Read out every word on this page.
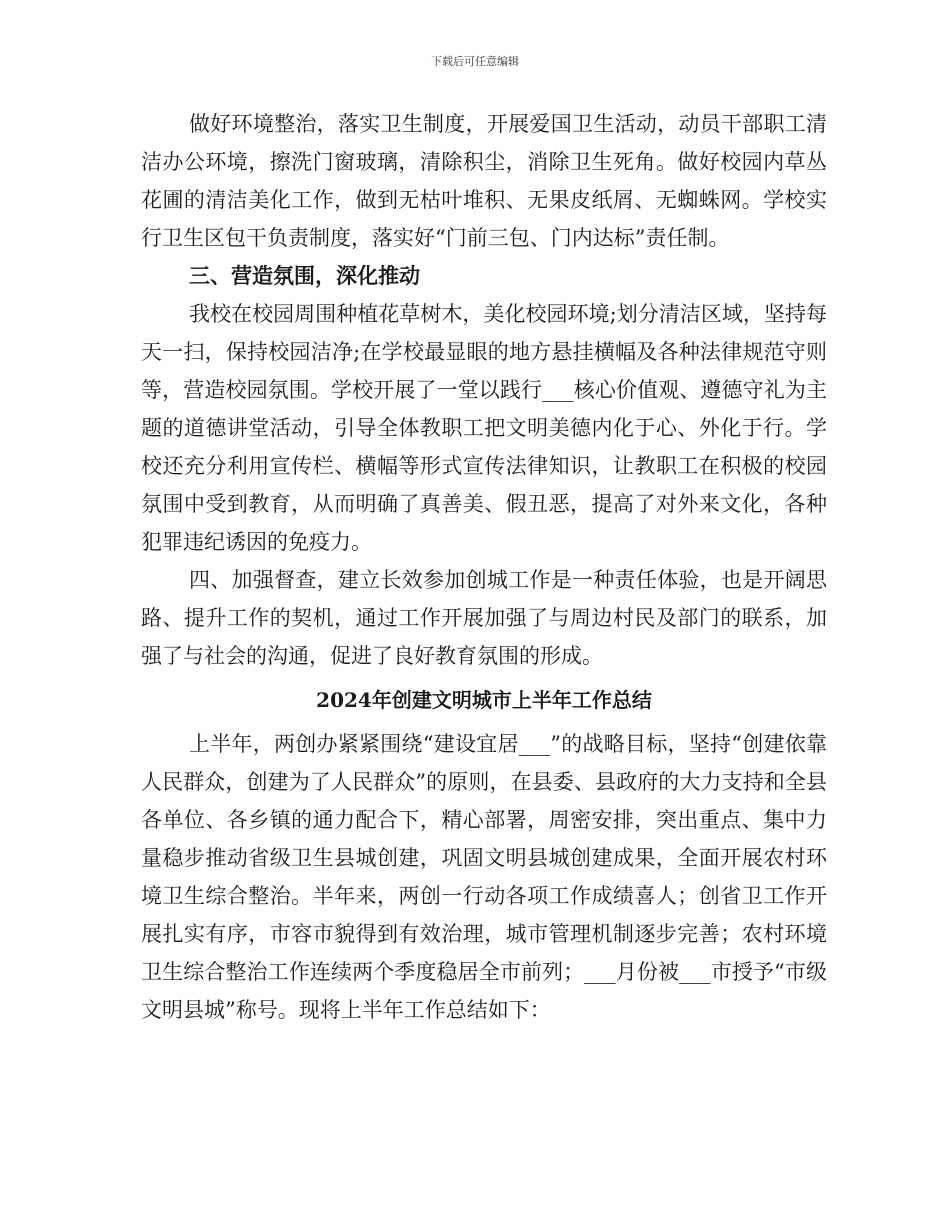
下载后可任意编辑

做好环境整治，落实卫生制度，开展爱国卫生活动，动员干部职工清洁办公环境，擦洗门窗玻璃，清除积尘，消除卫生死角。做好校园内草丛花圃的清洁美化工作，做到无枯叶堆积、无果皮纸屑、无蜘蛛网。学校实行卫生区包干负责制度，落实好“门前三包、门内达标”责任制。

三、营造氛围，深化推动

我校在校园周围种植花草树木，美化校园环境;划分清洁区域，坚持每天一扫，保持校园洁净;在学校最显眼的地方悬挂横幅及各种法律规范守则等，营造校园氛围。学校开展了一堂以践行___核心价值观、遵德守礼为主题的道德讲堂活动，引导全体教职工把文明美德内化于心、外化于行。学校还充分利用宣传栏、横幅等形式宣传法律知识，让教职工在积极的校园氛围中受到教育，从而明确了真善美、假丑恶，提高了对外来文化，各种犯罪违纪诱因的免疫力。

四、加强督查，建立长效参加创城工作是一种责任体验，也是开阔思路、提升工作的契机，通过工作开展加强了与周边村民及部门的联系，加强了与社会的沟通，促进了良好教育氛围的形成。

2024年创建文明城市上半年工作总结

上半年，两创办紧紧围绕“建设宜居___”的战略目标，坚持“创建依靠人民群众，创建为了人民群众”的原则，在县委、县政府的大力支持和全县各单位、各乡镇的通力配合下，精心部署，周密安排，突出重点、集中力量稳步推动省级卫生县城创建，巩固文明县城创建成果，全面开展农村环境卫生综合整治。半年来，两创一行动各项工作成绩喜人；创省卫工作开展扎实有序，市容市貌得到有效治理，城市管理机制逐步完善；农村环境卫生综合整治工作连续两个季度稳居全市前列；___月份被___市授予“市级文明县城”称号。现将上半年工作总结如下：
